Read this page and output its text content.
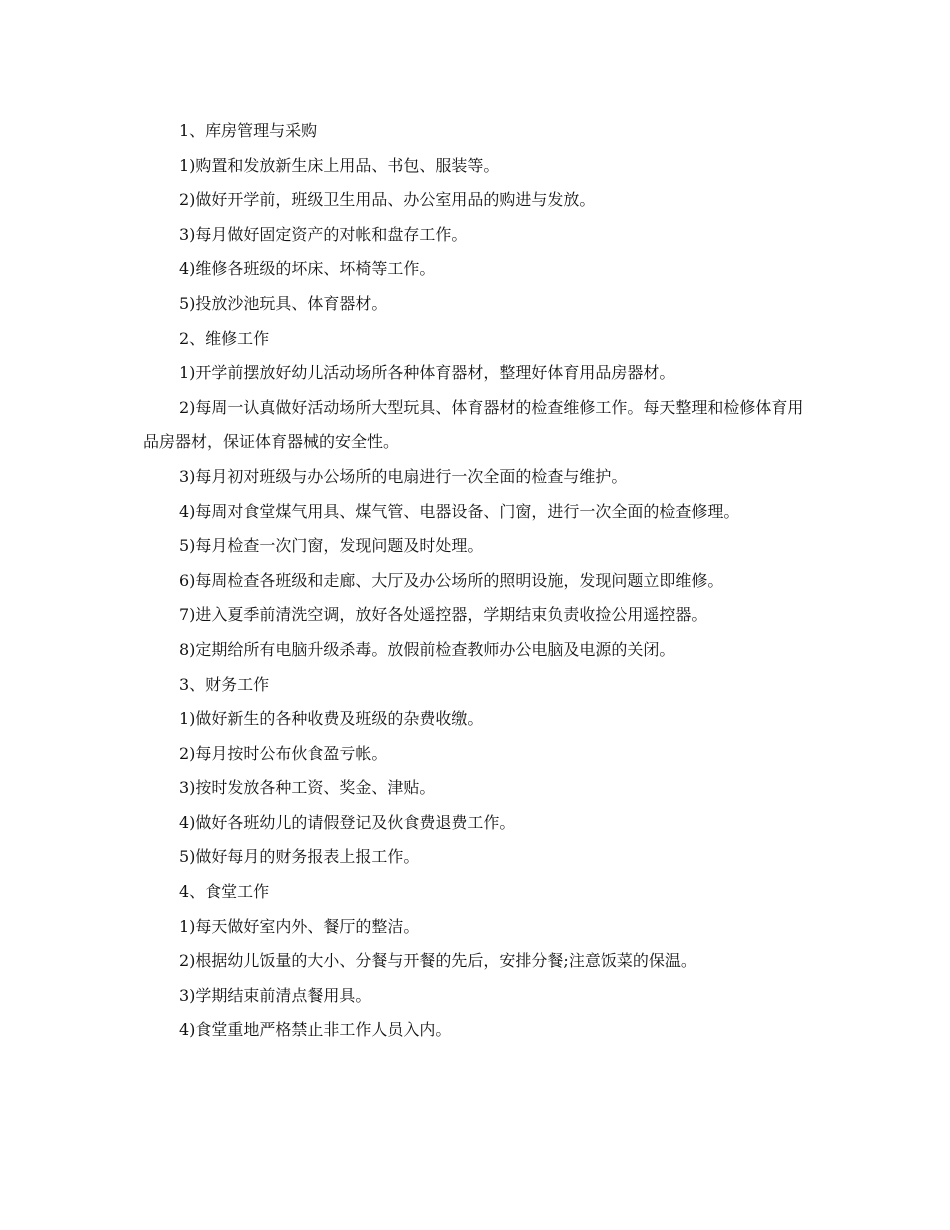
1、库房管理与采购

1)购置和发放新生床上用品、书包、服装等。

2)做好开学前，班级卫生用品、办公室用品的购进与发放。

3)每月做好固定资产的对帐和盘存工作。

4)维修各班级的坏床、坏椅等工作。

5)投放沙池玩具、体育器材。

2、维修工作

1)开学前摆放好幼儿活动场所各种体育器材，整理好体育用品房器材。

2)每周一认真做好活动场所大型玩具、体育器材的检查维修工作。每天整理和检修体育用品房器材，保证体育器械的安全性。

3)每月初对班级与办公场所的电扇进行一次全面的检查与维护。

4)每周对食堂煤气用具、煤气管、电器设备、门窗，进行一次全面的检查修理。

5)每月检查一次门窗，发现问题及时处理。

6)每周检查各班级和走廊、大厅及办公场所的照明设施，发现问题立即维修。

7)进入夏季前清洗空调，放好各处遥控器，学期结束负责收捡公用遥控器。

8)定期给所有电脑升级杀毒。放假前检查教师办公电脑及电源的关闭。

3、财务工作

1)做好新生的各种收费及班级的杂费收缴。

2)每月按时公布伙食盈亏帐。

3)按时发放各种工资、奖金、津贴。

4)做好各班幼儿的请假登记及伙食费退费工作。

5)做好每月的财务报表上报工作。

4、食堂工作

1)每天做好室内外、餐厅的整洁。

2)根据幼儿饭量的大小、分餐与开餐的先后，安排分餐;注意饭菜的保温。

3)学期结束前清点餐用具。

4)食堂重地严格禁止非工作人员入内。
